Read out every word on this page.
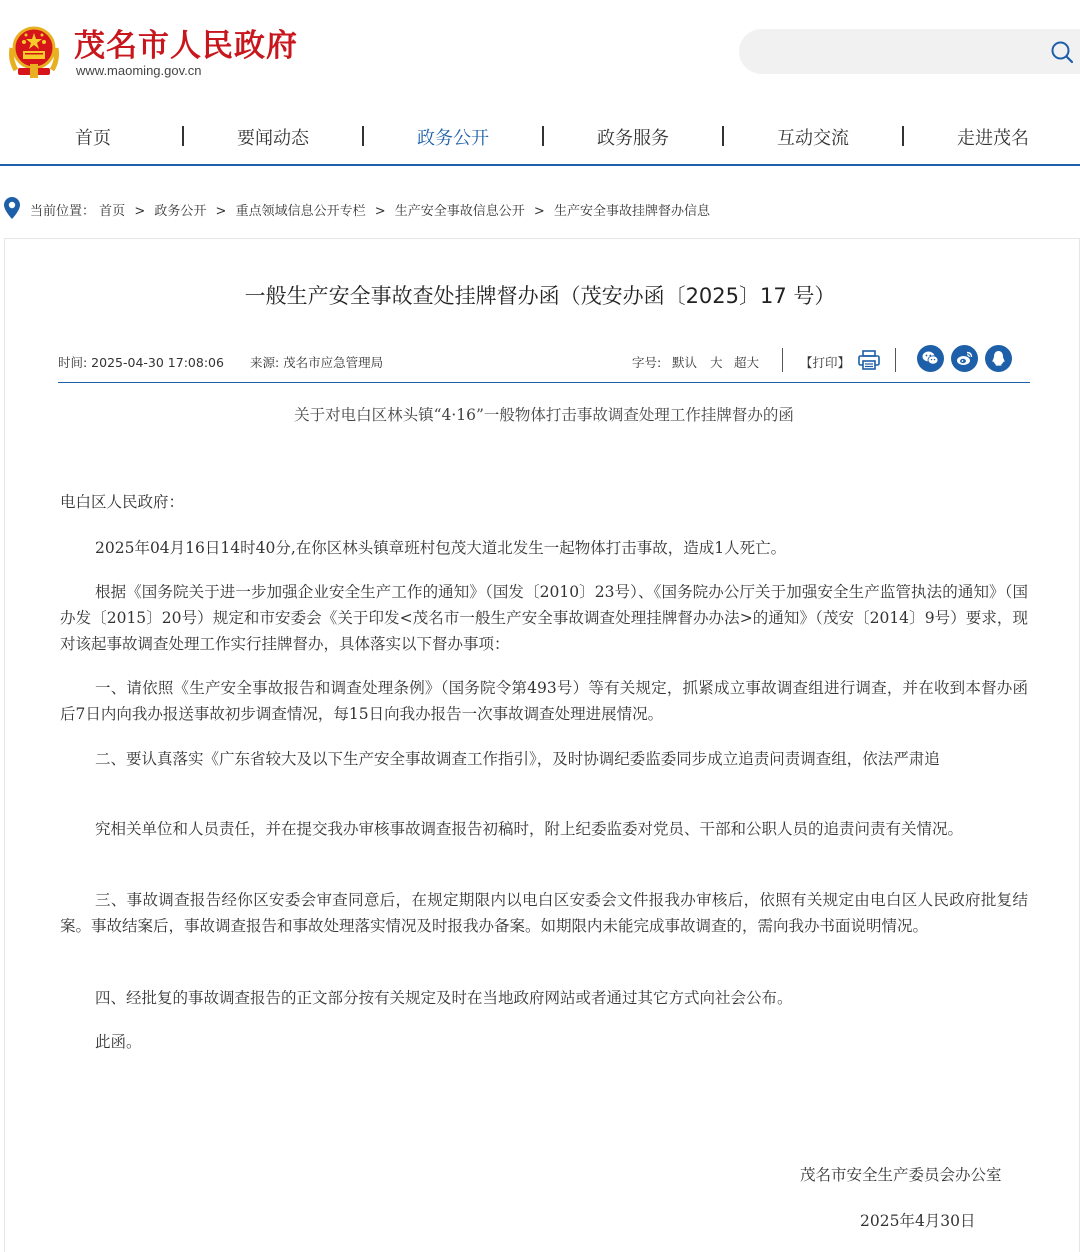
茂名市人民政府
www.maoming.gov.cn
首页	要闻动态	政务公开	政务服务	互动交流	走进茂名
当前位置： 首页 > 政务公开 > 重点领域信息公开专栏 > 生产安全事故信息公开 > 生产安全事故挂牌督办信息
一般生产安全事故查处挂牌督办函（茂安办函〔2025〕17 号）
时间: 2025-04-30 17:08:06 来源: 茂名市应急管理局	字号: 默认 大 超大	【打印】
关于对电白区林头镇“4·16”一般物体打击事故调查处理工作挂牌督办的函
电白区人民政府：
2025年04月16日14时40分,在你区林头镇章班村包茂大道北发生一起物体打击事故，造成1人死亡。
根据《国务院关于进一步加强企业安全生产工作的通知》（国发〔2010〕23号）、《国务院办公厅关于加强安全生产监管执法的通知》（国办发〔2015〕20号）规定和市安委会《关于印发<茂名市一般生产安全事故调查处理挂牌督办办法>的通知》（茂安〔2014〕9号）要求，现对该起事故调查处理工作实行挂牌督办，具体落实以下督办事项：
一、请依照《生产安全事故报告和调查处理条例》（国务院令第493号）等有关规定，抓紧成立事故调查组进行调查，并在收到本督办函后7日内向我办报送事故初步调查情况，每15日向我办报告一次事故调查处理进展情况。
二、要认真落实《广东省较大及以下生产安全事故调查工作指引》，及时协调纪委监委同步成立追责问责调查组，依法严肃追
究相关单位和人员责任，并在提交我办审核事故调查报告初稿时，附上纪委监委对党员、干部和公职人员的追责问责有关情况。
三、事故调查报告经你区安委会审查同意后，在规定期限内以电白区安委会文件报我办审核后，依照有关规定由电白区人民政府批复结案。事故结案后，事故调查报告和事故处理落实情况及时报我办备案。如期限内未能完成事故调查的，需向我办书面说明情况。
四、经批复的事故调查报告的正文部分按有关规定及时在当地政府网站或者通过其它方式向社会公布。
此函。
茂名市安全生产委员会办公室
2025年4月30日
